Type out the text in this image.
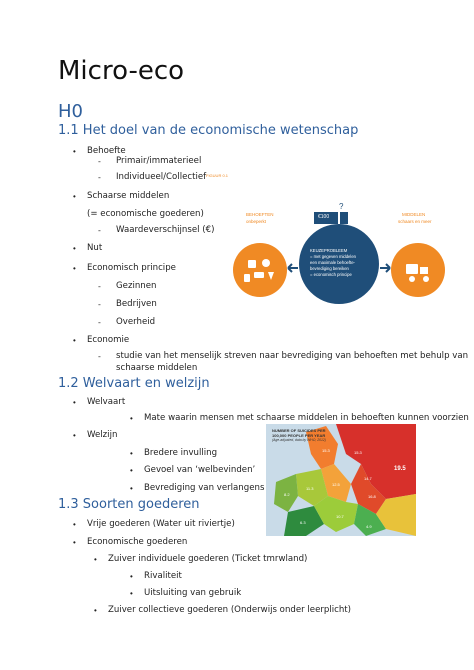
Micro-eco
H0
1.1 Het doel van de economische wetenschap
• Behoefte
- Primair/immaterieel
- Individueel/Collectief
• Schaarse middelen
(= economische goederen)
- Waardeverschijnsel (€)
• Nut
• Economisch principe
- Gezinnen
- Bedrijven
- Overheid
• Economie
- studie van het menselijk streven naar bevrediging van behoeften met behulp van
schaarse middelen
FIGUUR 0.1
BEHOEFTEN
onbeperkt
MIDDELEN
schaars en meer
€100
?
KEUZEPROBLEEM
= met gegeven middelen
een maximale behoefte-
bevrediging bereiken
= economisch principe
1.2 Welvaart en welzijn
• Welvaart
• Mate waarin mensen met schaarse middelen in behoeften kunnen voorzien
• Welzijn
• Bredere invulling
• Gevoel van ‘welbevinden’
• Bevrediging van verlangens
NUMBER OF SUICIDES PER
100,000 PEOPLE PER YEAR
(Age-adjusted, data by WHO, 2012)
19.5
15.3
16.8
15.3
14.7
12.5
11.3
8.2
10.7
6.3
4.9
1.3 Soorten goederen
• Vrije goederen (Water uit riviertje)
• Economische goederen
• Zuiver individuele goederen (Ticket tmrwland)
• Rivaliteit
• Uitsluiting van gebruik
• Zuiver collectieve goederen (Onderwijs onder leerplicht)
